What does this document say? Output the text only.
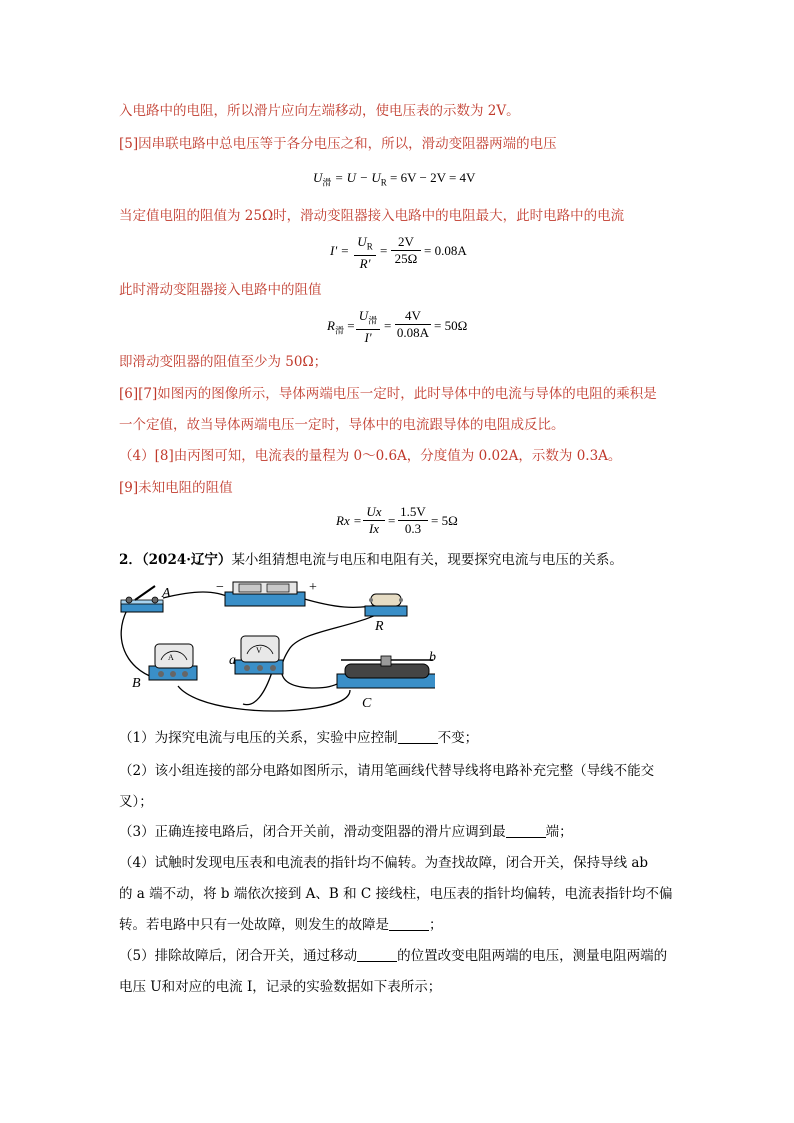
入电路中的电阻，所以滑片应向左端移动，使电压表的示数为 2V。
[5]因串联电路中总电压等于各分电压之和，所以，滑动变阻器两端的电压
$U_滑 = U - U_R = 6V - 2V = 4V$
当定值电阻的阻值为 25Ω时，滑动变阻器接入电路中的电阻最大，此时电路中的电流
$I' = \frac{U_R}{R'} = \frac{2V}{25\Omega} = 0.08A$
此时滑动变阻器接入电路中的阻值
$R_滑$ =
$U_滑$
I'
= $\frac{4V}{0.08A} = 50\Omega$
即滑动变阻器的阻值至少为 50Ω；
[6][7]如图丙的图像所示，导体两端电压一定时，此时导体中的电流与导体的电阻的乘积是
一个定值，故当导体两端电压一定时，导体中的电流跟导体的电阻成反比。
（4）[8]由丙图可知，电流表的量程为 0～0.6A，分度值为 0.02A，示数为 0.3A。
[9]未知电阻的阻值
$Rx = \frac{Ux}{Ix} = \frac{1.5V}{0.3} = 5\Omega$
2．（2024·辽宁）某小组猜想电流与电压和电阻有关，现要探究电流与电压的关系。
A	−	+
R
a	b
B
C
A
V
（1）为探究电流与电压的关系，实验中应控制	不变；
（2）该小组连接的部分电路如图所示，请用笔画线代替导线将电路补充完整（导线不能交
叉）；
（3）正确连接电路后，闭合开关前，滑动变阻器的滑片应调到最	端；
（4）试触时发现电压表和电流表的指针均不偏转。为查找故障，闭合开关，保持导线 ab
的 a 端不动，将 b 端依次接到 A、B 和 C 接线柱，电压表的指针均偏转，电流表指针均不偏
转。若电路中只有一处故障，则发生的故障是	；
（5）排除故障后，闭合开关，通过移动	的位置改变电阻两端的电压，测量电阻两端的
电压 U和对应的电流 I，记录的实验数据如下表所示；
